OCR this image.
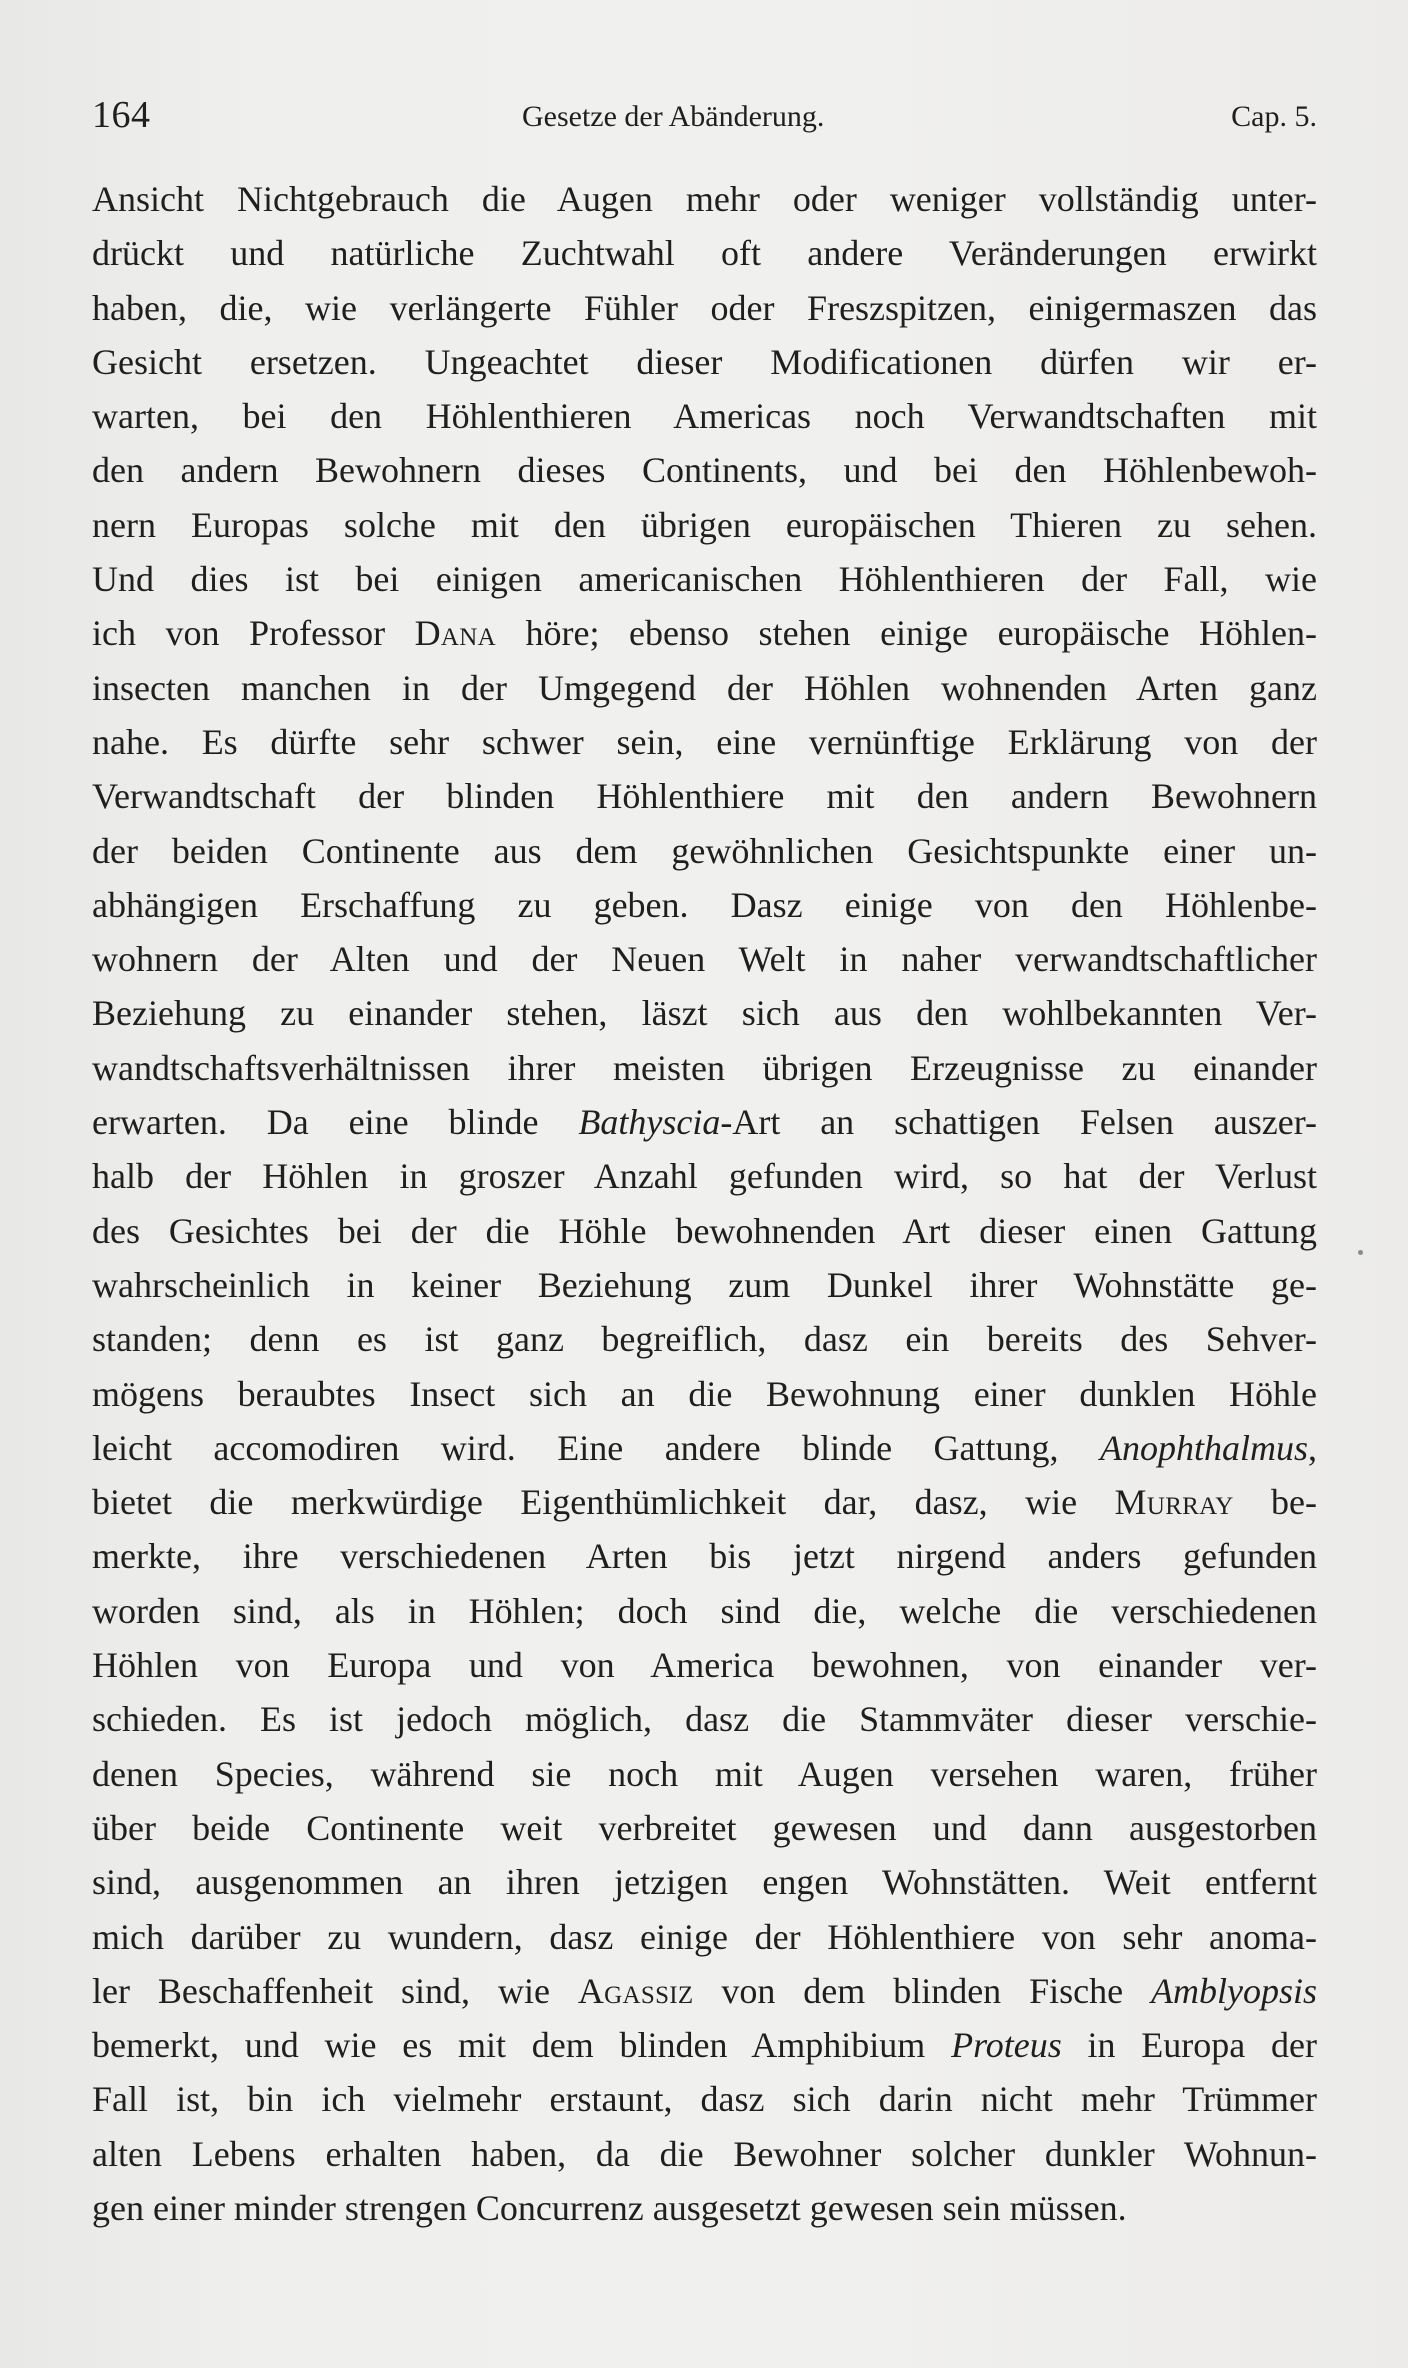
164	Gesetze der Abänderung.	Cap. 5.
Ansicht Nichtgebrauch die Augen mehr oder weniger vollständig unter-
drückt und natürliche Zuchtwahl oft andere Veränderungen erwirkt
haben, die, wie verlängerte Fühler oder Freszspitzen, einigermaszen das
Gesicht ersetzen. Ungeachtet dieser Modificationen dürfen wir er-
warten, bei den Höhlenthieren Americas noch Verwandtschaften mit
den andern Bewohnern dieses Continents, und bei den Höhlenbewoh-
nern Europas solche mit den übrigen europäischen Thieren zu sehen.
Und dies ist bei einigen americanischen Höhlenthieren der Fall, wie
ich von Professor Dana höre; ebenso stehen einige europäische Höhlen-
insecten manchen in der Umgegend der Höhlen wohnenden Arten ganz
nahe. Es dürfte sehr schwer sein, eine vernünftige Erklärung von der
Verwandtschaft der blinden Höhlenthiere mit den andern Bewohnern
der beiden Continente aus dem gewöhnlichen Gesichtspunkte einer un-
abhängigen Erschaffung zu geben. Dasz einige von den Höhlenbe-
wohnern der Alten und der Neuen Welt in naher verwandtschaftlicher
Beziehung zu einander stehen, läszt sich aus den wohlbekannten Ver-
wandtschaftsverhältnissen ihrer meisten übrigen Erzeugnisse zu einander
erwarten. Da eine blinde Bathyscia-Art an schattigen Felsen auszer-
halb der Höhlen in groszer Anzahl gefunden wird, so hat der Verlust
des Gesichtes bei der die Höhle bewohnenden Art dieser einen Gattung
wahrscheinlich in keiner Beziehung zum Dunkel ihrer Wohnstätte ge-
standen; denn es ist ganz begreiflich, dasz ein bereits des Sehver-
mögens beraubtes Insect sich an die Bewohnung einer dunklen Höhle
leicht accomodiren wird. Eine andere blinde Gattung, Anophthalmus,
bietet die merkwürdige Eigenthümlichkeit dar, dasz, wie Murray be-
merkte, ihre verschiedenen Arten bis jetzt nirgend anders gefunden
worden sind, als in Höhlen; doch sind die, welche die verschiedenen
Höhlen von Europa und von America bewohnen, von einander ver-
schieden. Es ist jedoch möglich, dasz die Stammväter dieser verschie-
denen Species, während sie noch mit Augen versehen waren, früher
über beide Continente weit verbreitet gewesen und dann ausgestorben
sind, ausgenommen an ihren jetzigen engen Wohnstätten. Weit entfernt
mich darüber zu wundern, dasz einige der Höhlenthiere von sehr anoma-
ler Beschaffenheit sind, wie Agassiz von dem blinden Fische Amblyopsis
bemerkt, und wie es mit dem blinden Amphibium Proteus in Europa der
Fall ist, bin ich vielmehr erstaunt, dasz sich darin nicht mehr Trümmer
alten Lebens erhalten haben, da die Bewohner solcher dunkler Wohnun-
gen einer minder strengen Concurrenz ausgesetzt gewesen sein müssen.
